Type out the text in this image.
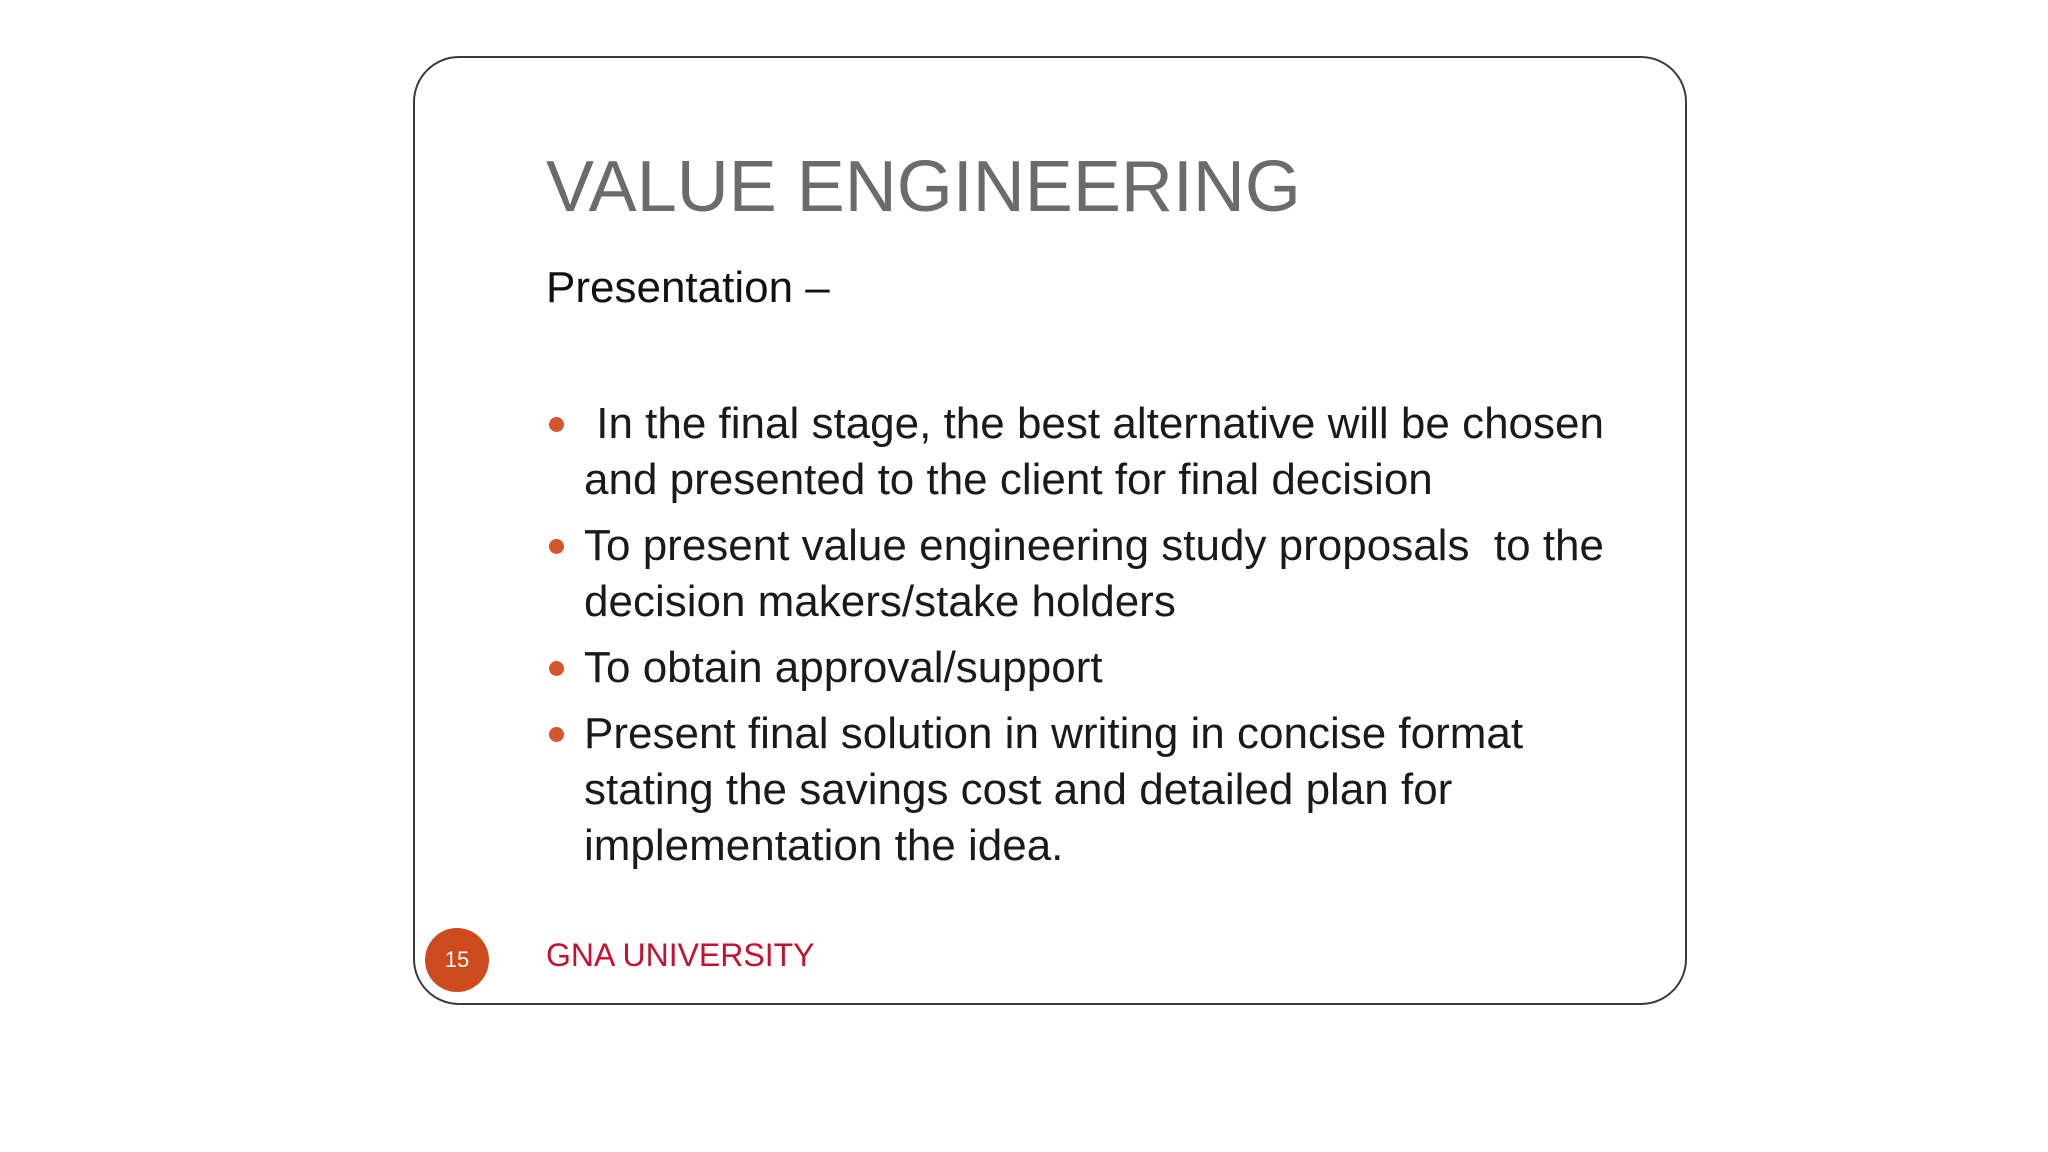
VALUE ENGINEERING
Presentation –
In the final stage, the best alternative will be chosen and presented to the client for final decision
To present value engineering study proposals  to the decision makers/stake holders
To obtain approval/support
Present final solution in writing in concise format stating the savings cost and detailed plan for implementation the idea.
15	GNA UNIVERSITY
